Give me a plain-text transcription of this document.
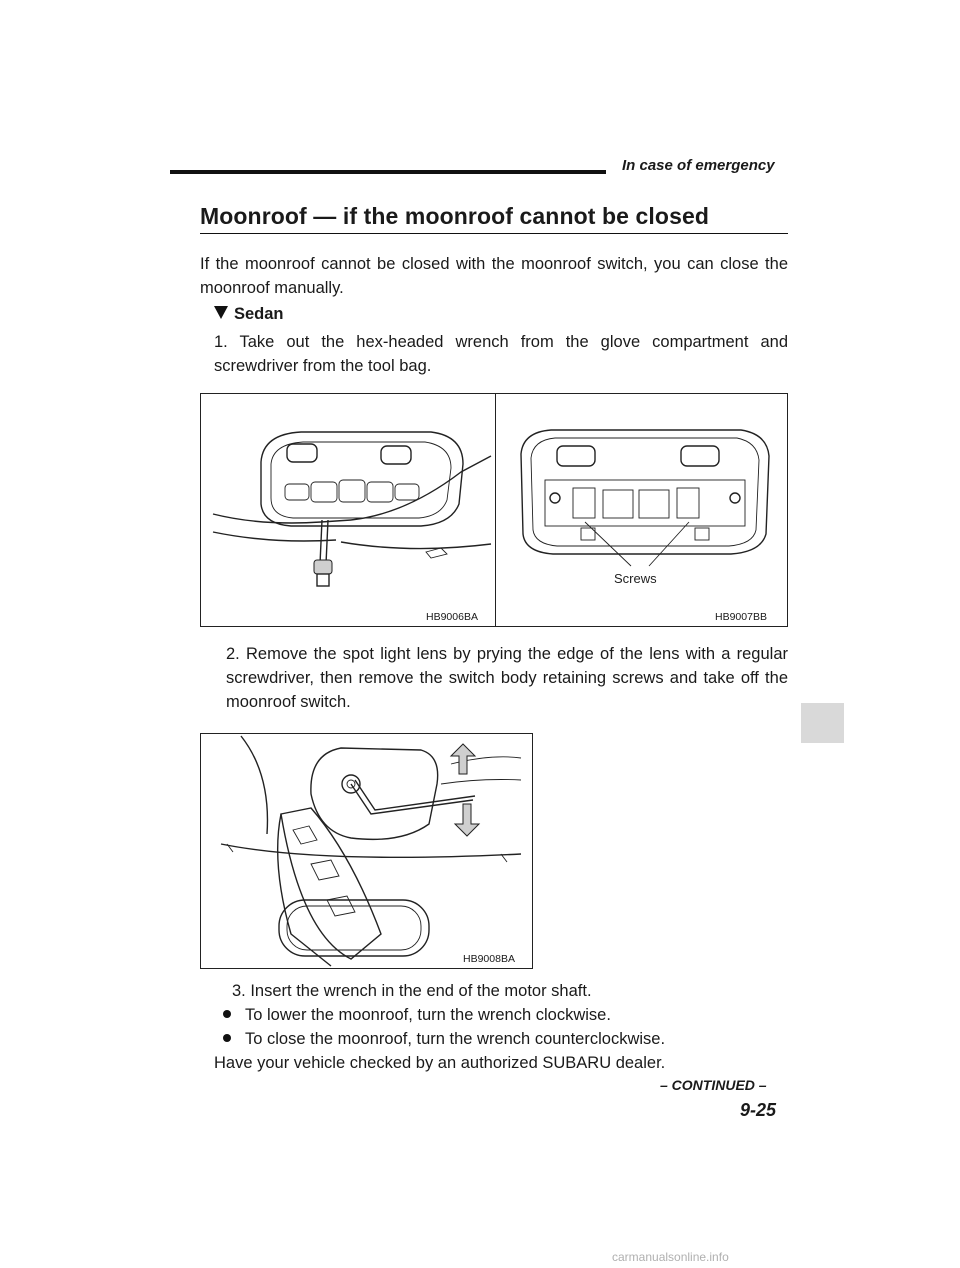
In case of emergency
Moonroof — if the moonroof cannot be closed

If the moonroof cannot be closed with the moonroof switch, you can close the moonroof manually.

Sedan

1. Take out the hex-headed wrench from the glove compartment and screwdriver from the tool bag.

Screws
HB9006BA	HB9007BB

2. Remove the spot light lens by prying the edge of the lens with a regular screwdriver, then remove the switch body retaining screws and take off the moonroof switch.

HB9008BA
3. Insert the wrench in the end of the motor shaft.
To lower the moonroof, turn the wrench clockwise.
To close the moonroof, turn the wrench counterclockwise.
Have your vehicle checked by an authorized SUBARU dealer.
– CONTINUED –
9-25
carmanualsonline.info
